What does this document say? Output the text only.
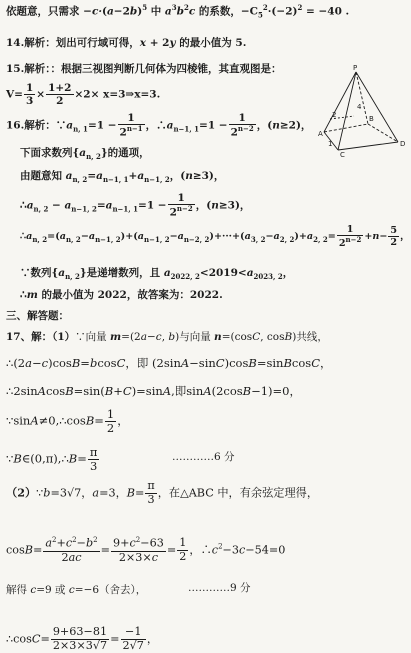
依题意，只需求 $-c\cdot(a-2b)^5$ 中 $a^3b^2c$ 的系数，$-C_5^2\cdot(-2)^2 = -40$ .
14.解析：划出可行域可得，x + 2y 的最小值为 5.
15.解析：：根据三视图判断几何体为四棱锥，其直观图是：
$V= \frac{1}{3} \times \frac{1+2}{2} \times 2\times$ x=3⇒x=3.
P
A
C
D
B
2
1
4
16.解析：$\because a_{n, 1}=1 - \frac{1}{2^{n-1}}$ ，$\therefore a_{n-1, 1}=1 - \frac{1}{2^{n-2}}$ ，(n≥2)，
下面求数列$\{a_{n, 2}\}$的通项，
由题意知 $a_{n, 2}=a_{n-1, 1}+a_{n-1, 2}$，(n≥3)，
$\therefore a_{n, 2} - a_{n-1, 2}=a_{n-1, 1}=1 - \frac{1}{2^{n-2}}$ ，(n≥3)，
$\therefore a_{n, 2}=(a_{n, 2}-a_{n-1, 2})+(a_{n-1, 2}-a_{n-2, 2})+\cdot\cdot\cdot+(a_{3, 2}-a_{2, 2})+a_{2, 2}= \frac{1}{2^{n-2}} +n- \frac{5}{2}$ ，
∵数列$\{a_{n, 2}\}$是递增数列，且 $a_{2022, 2}<2019<a_{2023, 2}$，
∴m 的最小值为 2022，故答案为：2022.
三、解答题：
17、解：（1）∵向量 m=(2a−c, b)与向量 n=(cosC, cosB)共线，
∴(2a−c)cosB=bcosC，即 (2sinA−sinC)cosB=sinBcosC，
∴2sinAcosB=sin(B+C)=sinA,即sinA(2cosB−1)=0，
∵sinA≠0,∴cosB= $\frac{1}{2}$ ，
∵B∈(0,π),∴B= $\frac{\pi}{3}$	…………6 分
（2）∵b=3√7，a=3，$B= \frac{\pi}{3}$ ，在△ABC 中，有余弦定理得，
$\cos B= \frac{a^2+c^2-b^2}{2ac} = \frac{9+c^2-63}{2\times 3\times c} = \frac{1}{2}$ ，$\therefore c^2-3c-54=0$
解得 c=9 或 c=−6（舍去），	…………9 分
∴cosC= $\frac{9+63-81}{2\times 3\times 3√7} = \frac{-1}{2√7}$ ，
